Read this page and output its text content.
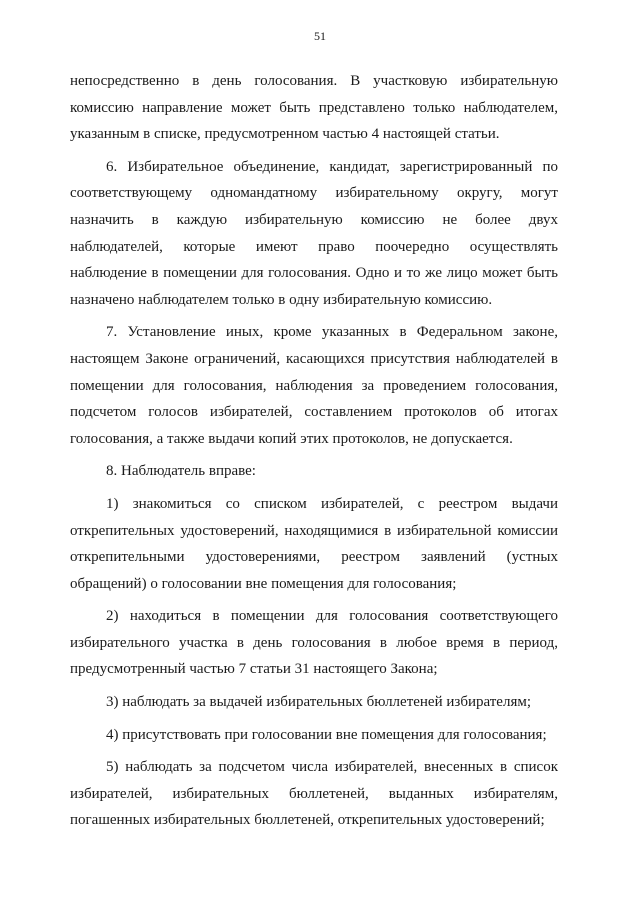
51
непосредственно в день голосования. В участковую избирательную
комиссию направление может быть представлено только наблюдателем,
указанным в списке, предусмотренном частью 4 настоящей статьи.
6. Избирательное объединение, кандидат, зарегистрированный по
соответствующему одномандатному избирательному округу, могут
назначить в каждую избирательную комиссию не более двух
наблюдателей, которые имеют право поочередно осуществлять
наблюдение в помещении для голосования. Одно и то же лицо может быть
назначено наблюдателем только в одну избирательную комиссию.
7. Установление иных, кроме указанных в Федеральном законе,
настоящем Законе ограничений, касающихся присутствия наблюдателей в
помещении для голосования, наблюдения за проведением голосования,
подсчетом голосов избирателей, составлением протоколов об итогах
голосования, а также выдачи копий этих протоколов, не допускается.
8. Наблюдатель вправе:
1) знакомиться со списком избирателей, с реестром выдачи
открепительных удостоверений, находящимися в избирательной комиссии
открепительными удостоверениями, реестром заявлений (устных
обращений) о голосовании вне помещения для голосования;
2) находиться в помещении для голосования соответствующего
избирательного участка в день голосования в любое время в период,
предусмотренный частью 7 статьи 31 настоящего Закона;
3) наблюдать за выдачей избирательных бюллетеней избирателям;
4) присутствовать при голосовании вне помещения для голосования;
5) наблюдать за подсчетом числа избирателей, внесенных в список
избирателей, избирательных бюллетеней, выданных избирателям,
погашенных избирательных бюллетеней, открепительных удостоверений;
